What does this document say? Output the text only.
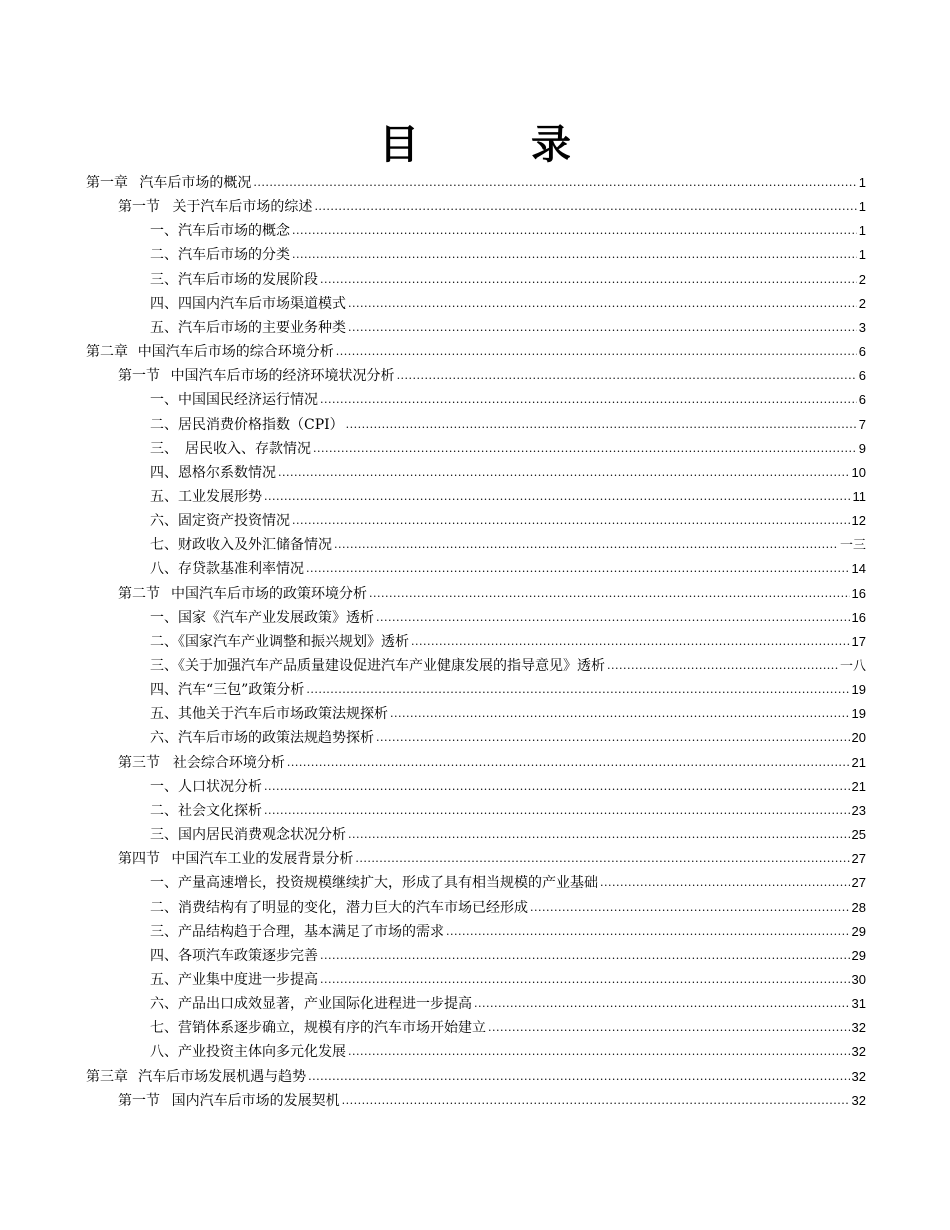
目　录
第一章 汽车后市场的概况 .....	1
第一节 关于汽车后市场的综述 .....	1
一、汽车后市场的概念 .....	1
二、汽车后市场的分类 .....	1
三、汽车后市场的发展阶段 .....	2
四、四国内汽车后市场渠道模式 .....	2
五、汽车后市场的主要业务种类 .....	3
第二章 中国汽车后市场的综合环境分析 .....	6
第一节 中国汽车后市场的经济环境状况分析 .....	6
一、中国国民经济运行情况 .....	6
二、居民消费价格指数（CPI） .....	7
三、　居民收入、存款情况 .....	9
四、恩格尔系数情况 .....	10
五、工业发展形势 .....	11
六、固定资产投资情况 .....	12
七、财政收入及外汇储备情况 .....	一三
八、存贷款基准利率情况 .....	14
第二节 中国汽车后市场的政策环境分析 .....	16
一、国家《汽车产业发展政策》透析 .....	16
二、《国家汽车产业调整和振兴规划》透析 .....	17
三、《关于加强汽车产品质量建设促进汽车产业健康发展的指导意见》透析 .....	一八
四、汽车“三包”政策分析 .....	19
五、其他关于汽车后市场政策法规探析 .....	19
六、汽车后市场的政策法规趋势探析 .....	20
第三节 社会综合环境分析 .....	21
一、人口状况分析 .....	21
二、社会文化探析 .....	23
三、国内居民消费观念状况分析 .....	25
第四节 中国汽车工业的发展背景分析 .....	27
一、产量高速增长，投资规模继续扩大，形成了具有相当规模的产业基础 .....	27
二、消费结构有了明显的变化，潜力巨大的汽车市场已经形成 .....	28
三、产品结构趋于合理，基本满足了市场的需求 .....	29
四、各项汽车政策逐步完善 .....	29
五、产业集中度进一步提高 .....	30
六、产品出口成效显著，产业国际化进程进一步提高 .....	31
七、营销体系逐步确立，规模有序的汽车市场开始建立 .....	32
八、产业投资主体向多元化发展 .....	32
第三章 汽车后市场发展机遇与趋势 .....	32
第一节 国内汽车后市场的发展契机 .....	32
